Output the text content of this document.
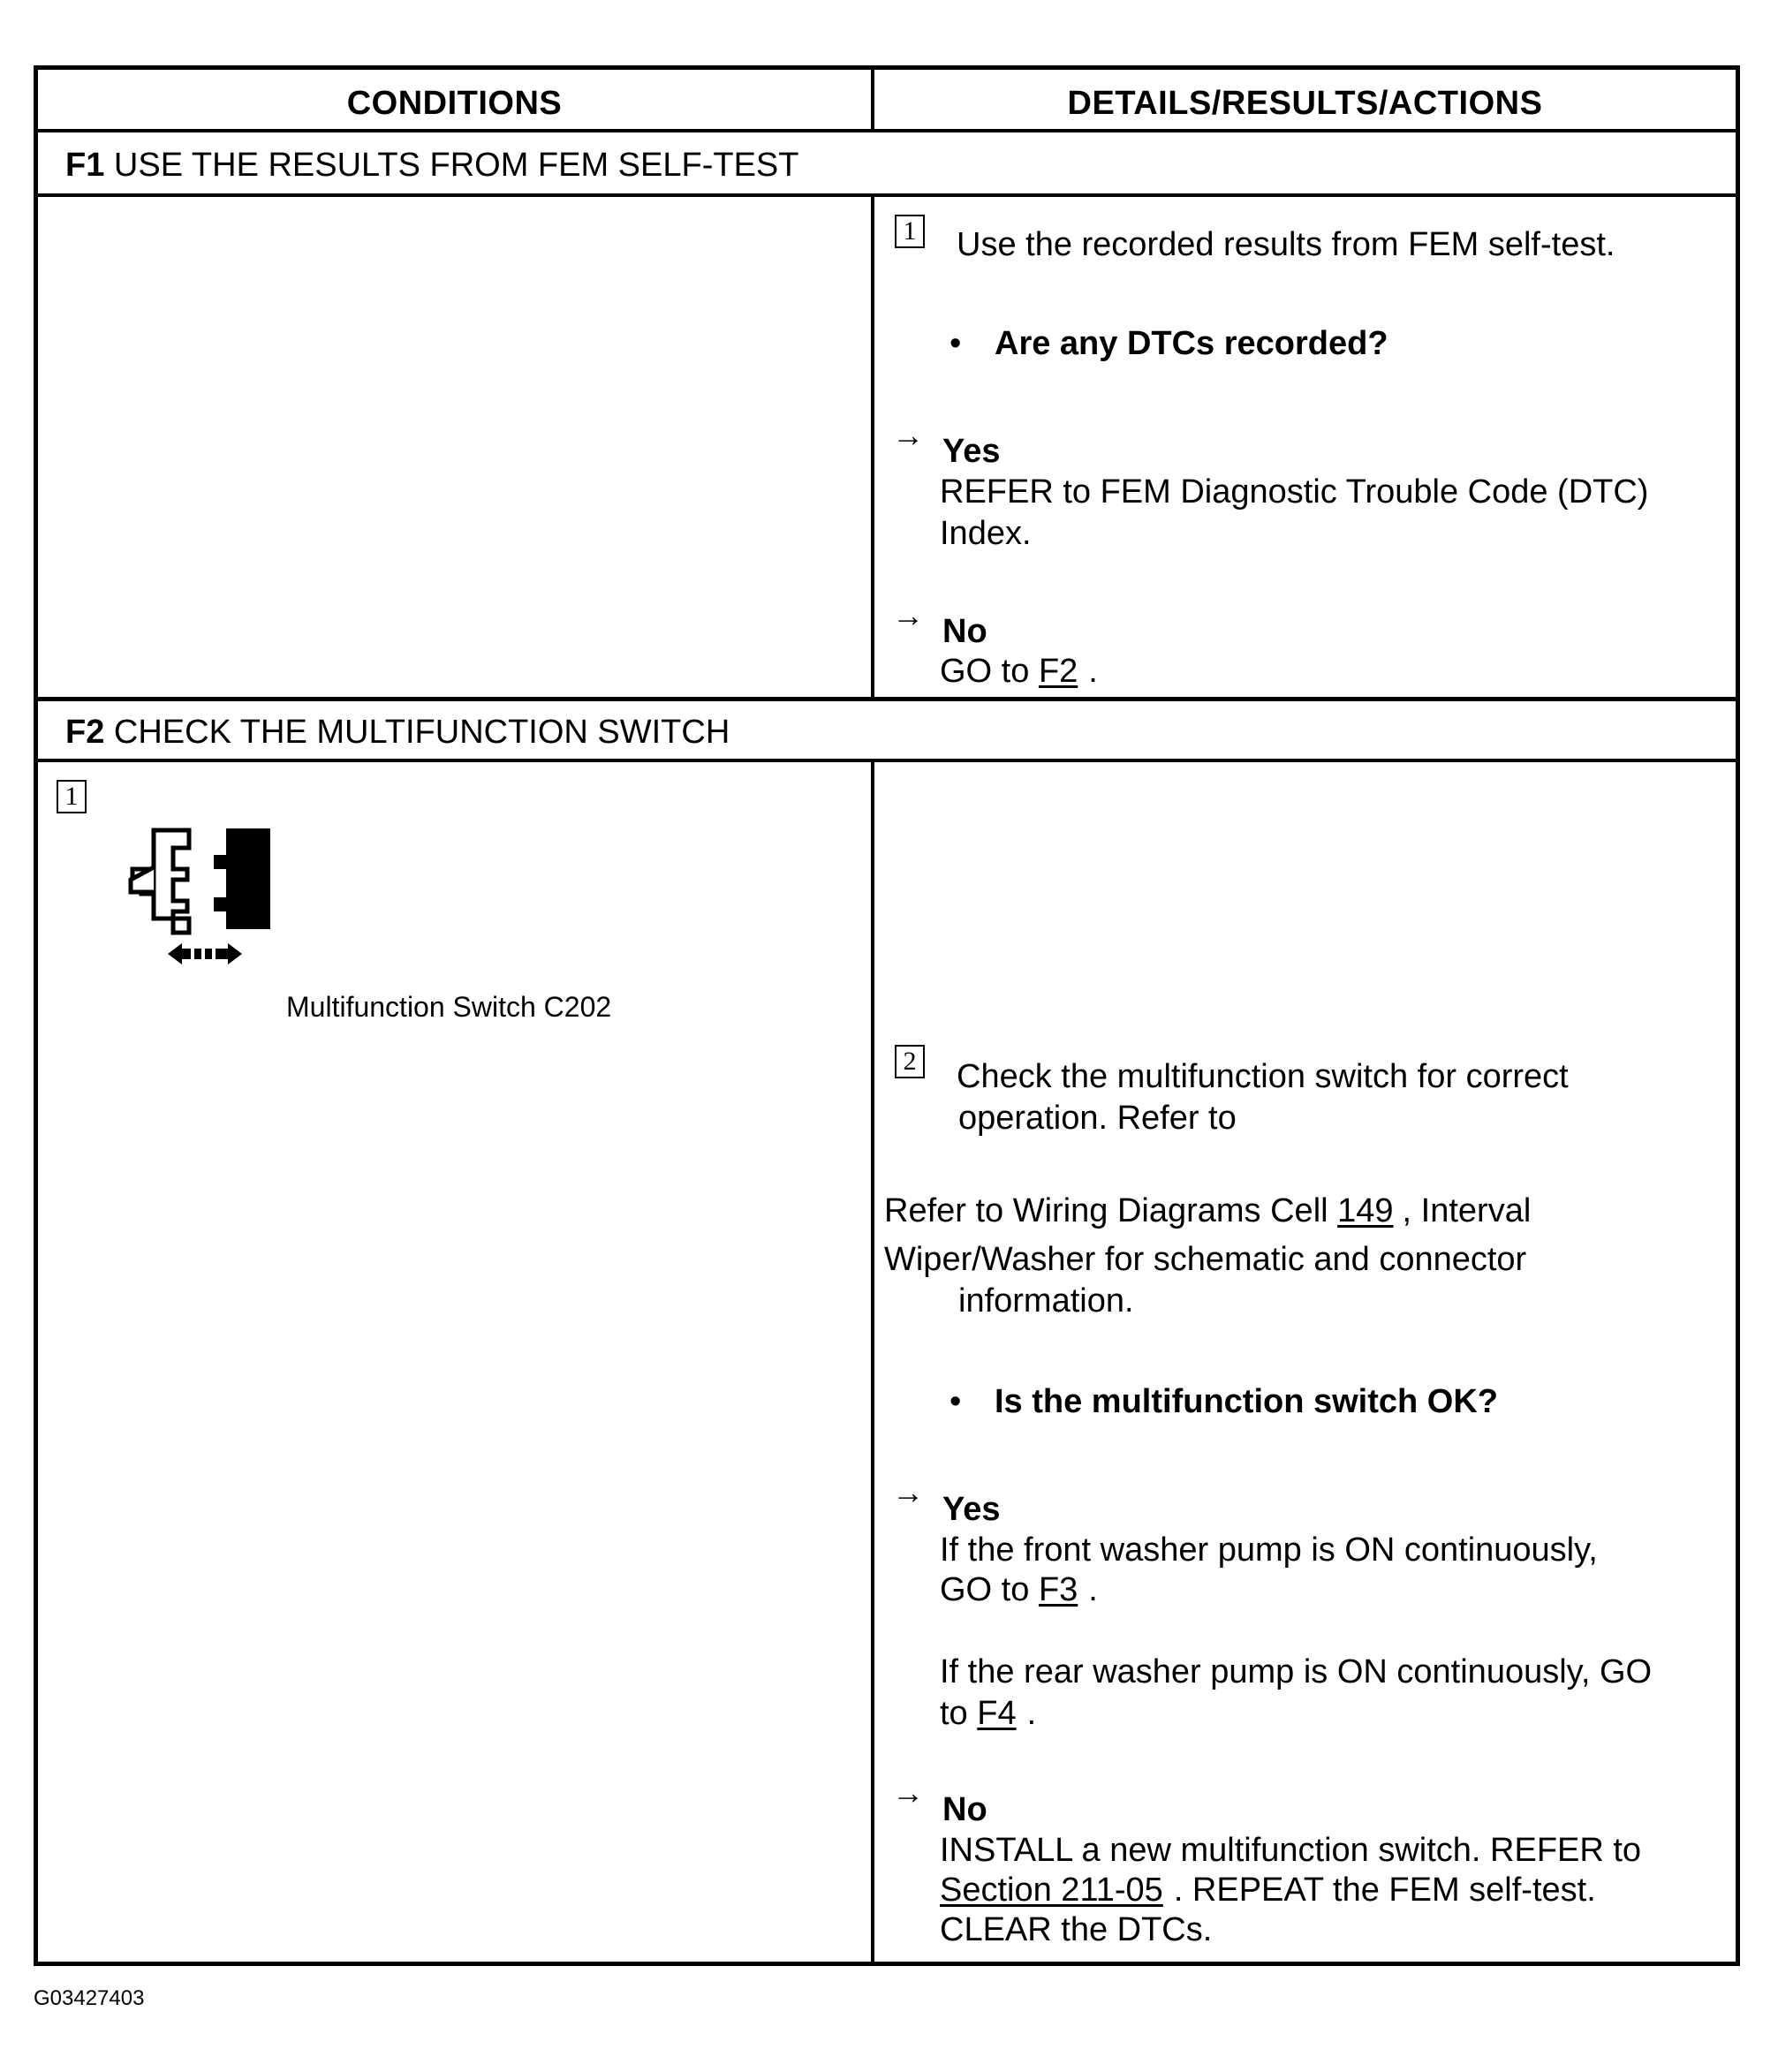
CONDITIONS	DETAILS/RESULTS/ACTIONS
F1 USE THE RESULTS FROM FEM SELF-TEST
1 Use the recorded results from FEM self-test.
• Are any DTCs recorded?
→ Yes
REFER to FEM Diagnostic Trouble Code (DTC)
Index.
→ No
GO to F2 .
F2 CHECK THE MULTIFUNCTION SWITCH
1
Multifunction Switch C202
2 Check the multifunction switch for correct
operation. Refer to
Refer to Wiring Diagrams Cell 149 , Interval
Wiper/Washer for schematic and connector
information.
• Is the multifunction switch OK?
→ Yes
If the front washer pump is ON continuously,
GO to F3 .
If the rear washer pump is ON continuously, GO
to F4 .
→ No
INSTALL a new multifunction switch. REFER to
Section 211-05 . REPEAT the FEM self-test.
CLEAR the DTCs.
G03427403
